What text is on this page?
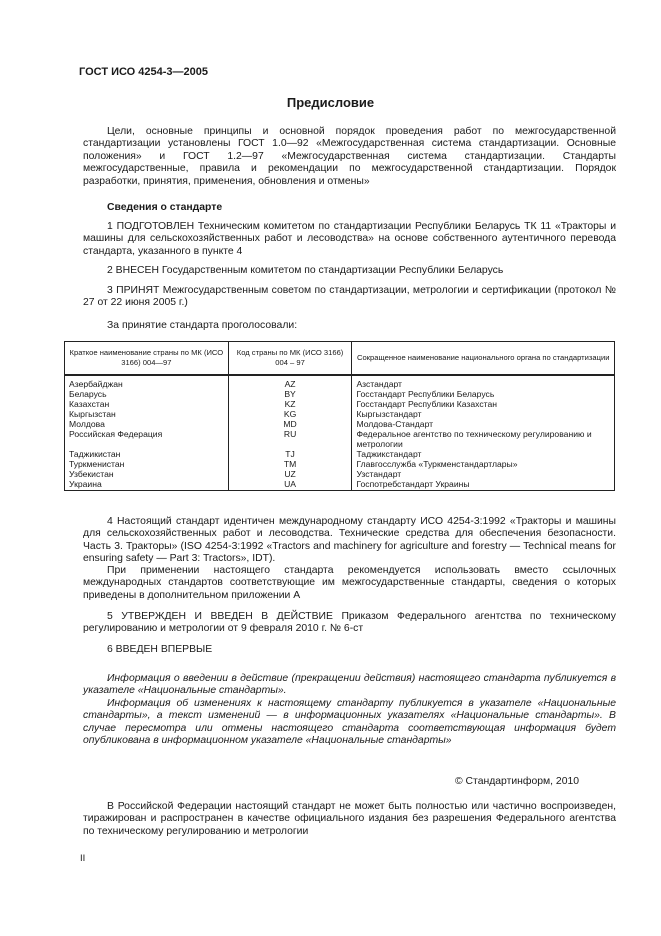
ГОСТ ИСО 4254-3—2005
Предисловие

Цели, основные принципы и основной порядок проведения работ по межгосударственной стандартизации установлены ГОСТ 1.0—92 «Межгосударственная система стандартизации. Основные положения» и ГОСТ 1.2—97 «Межгосударственная система стандартизации. Стандарты межгосударственные, правила и рекомендации по межгосударственной стандартизации. Порядок разработки, принятия, применения, обновления и отмены»

Сведения о стандарте

1 ПОДГОТОВЛЕН Техническим комитетом по стандартизации Республики Беларусь ТК 11 «Тракторы и машины для сельскохозяйственных работ и лесоводства» на основе собственного аутентичного перевода стандарта, указанного в пункте 4

2 ВНЕСЕН Государственным комитетом по стандартизации Республики Беларусь

3 ПРИНЯТ Межгосударственным советом по стандартизации, метрологии и сертификации (протокол № 27 от 22 июня 2005 г.)

За принятие стандарта проголосовали:
Краткое наименование страны по МК (ИСО 3166) 004—97	Код страны по МК (ИСО 3166) 004 – 97	Сокращенное наименование национального органа по стандартизации
Азербайджан	AZ	Азстандарт
Беларусь	BY	Госстандарт Республики Беларусь
Казахстан	KZ	Госстандарт Республики Казахстан
Кыргызстан	KG	Кыргызстандарт
Молдова	MD	Молдова-Стандарт
Российская Федерация	RU	Федеральное агентство по техническому регулированию и метрологии
Таджикистан	TJ	Таджикстандарт
Туркменистан	TM	Главгосслужба «Туркменстандартлары»
Узбекистан	UZ	Узстандарт
Украина	UA	Госпотребстандарт Украины

4 Настоящий стандарт идентичен международному стандарту ИСО 4254-3:1992 «Тракторы и машины для сельскохозяйственных работ и лесоводства. Технические средства для обеспечения безопасности. Часть 3. Тракторы» (ISO 4254-3:1992 «Tractors and machinery for agriculture and forestry — Technical means for ensuring safety — Part 3: Tractors», IDT).

При применении настоящего стандарта рекомендуется использовать вместо ссылочных международных стандартов соответствующие им межгосударственные стандарты, сведения о которых приведены в дополнительном приложении А

5 УТВЕРЖДЕН И ВВЕДЕН В ДЕЙСТВИЕ Приказом Федерального агентства по техническому регулированию и метрологии от 9 февраля 2010 г. № 6-ст

6 ВВЕДЕН ВПЕРВЫЕ

Информация о введении в действие (прекращении действия) настоящего стандарта публикуется в указателе «Национальные стандарты».

Информация об изменениях к настоящему стандарту публикуется в указателе «Национальные стандарты», а текст изменений — в информационных указателях «Национальные стандарты». В случае пересмотра или отмены настоящего стандарта соответствующая информация будет опубликована в информационном указателе «Национальные стандарты»

© Стандартинформ, 2010

В Российской Федерации настоящий стандарт не может быть полностью или частично воспроизведен, тиражирован и распространен в качестве официального издания без разрешения Федерального агентства по техническому регулированию и метрологии

II
